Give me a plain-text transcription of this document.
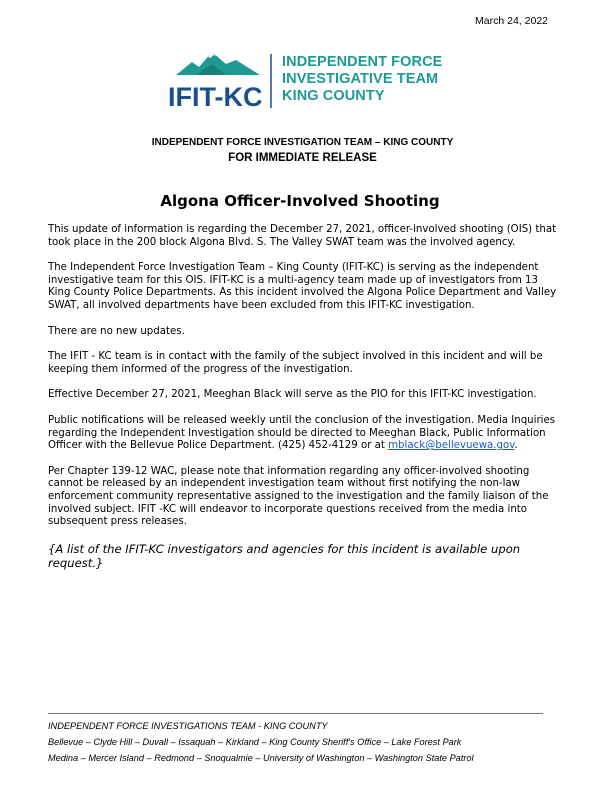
March 24, 2022
IFIT-KC
INDEPENDENT FORCE
INVESTIGATIVE TEAM
KING COUNTY
INDEPENDENT FORCE INVESTIGATION TEAM – KING COUNTY
FOR IMMEDIATE RELEASE
Algona Officer-Involved Shooting

This update of information is regarding the December 27, 2021, officer-involved shooting (OIS) that took place in the 200 block Algona Blvd. S. The Valley SWAT team was the involved agency.

The Independent Force Investigation Team – King County (IFIT-KC) is serving as the independent investigative team for this OIS. IFIT-KC is a multi-agency team made up of investigators from 13 King County Police Departments. As this incident involved the Algona Police Department and Valley SWAT, all involved departments have been excluded from this IFIT-KC investigation.

There are no new updates.

The IFIT - KC team is in contact with the family of the subject involved in this incident and will be keeping them informed of the progress of the investigation.

Effective December 27, 2021, Meeghan Black will serve as the PIO for this IFIT-KC investigation.

Public notifications will be released weekly until the conclusion of the investigation. Media Inquiries regarding the Independent Investigation should be directed to Meeghan Black, Public Information Officer with the Bellevue Police Department. (425) 452-4129 or at mblack@bellevuewa.gov.

Per Chapter 139-12 WAC, please note that information regarding any officer-involved shooting cannot be released by an independent investigation team without first notifying the non-law enforcement community representative assigned to the investigation and the family liaison of the involved subject. IFIT -KC will endeavor to incorporate questions received from the media into subsequent press releases.

{A list of the IFIT-KC investigators and agencies for this incident is available upon request.}

INDEPENDENT FORCE INVESTIGATIONS TEAM - KING COUNTY
Bellevue – Clyde Hill – Duvall – Issaquah – Kirkland – King County Sheriff's Office – Lake Forest Park
Medina – Mercer Island – Redmond – Snoqualmie – University of Washington – Washington State Patrol
